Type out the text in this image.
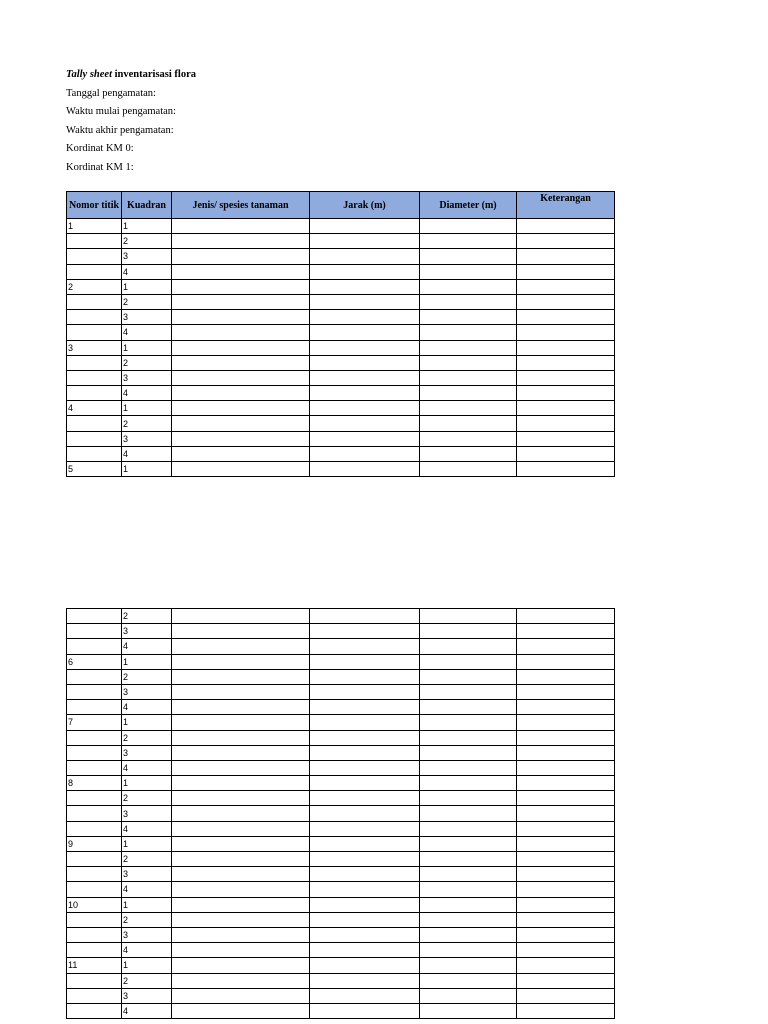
Tally sheet inventarisasi flora
Tanggal pengamatan:
Waktu mulai pengamatan:
Waktu akhir pengamatan:
Kordinat KM 0:
Kordinat KM 1:
Nomor titik	Kuadran	Jenis/ spesies tanaman	Jarak (m)	Diameter (m)	Keterangan
1	1				
	2				
	3				
	4				
2	1				
	2				
	3				
	4				
3	1				
	2				
	3				
	4				
4	1				
	2				
	3				
	4				
5	1				
	2				
	3				
	4				
6	1				
	2				
	3				
	4				
7	1				
	2				
	3				
	4				
8	1				
	2				
	3				
	4				
9	1				
	2				
	3				
	4				
10	1				
	2				
	3				
	4				
11	1				
	2				
	3				
	4				
